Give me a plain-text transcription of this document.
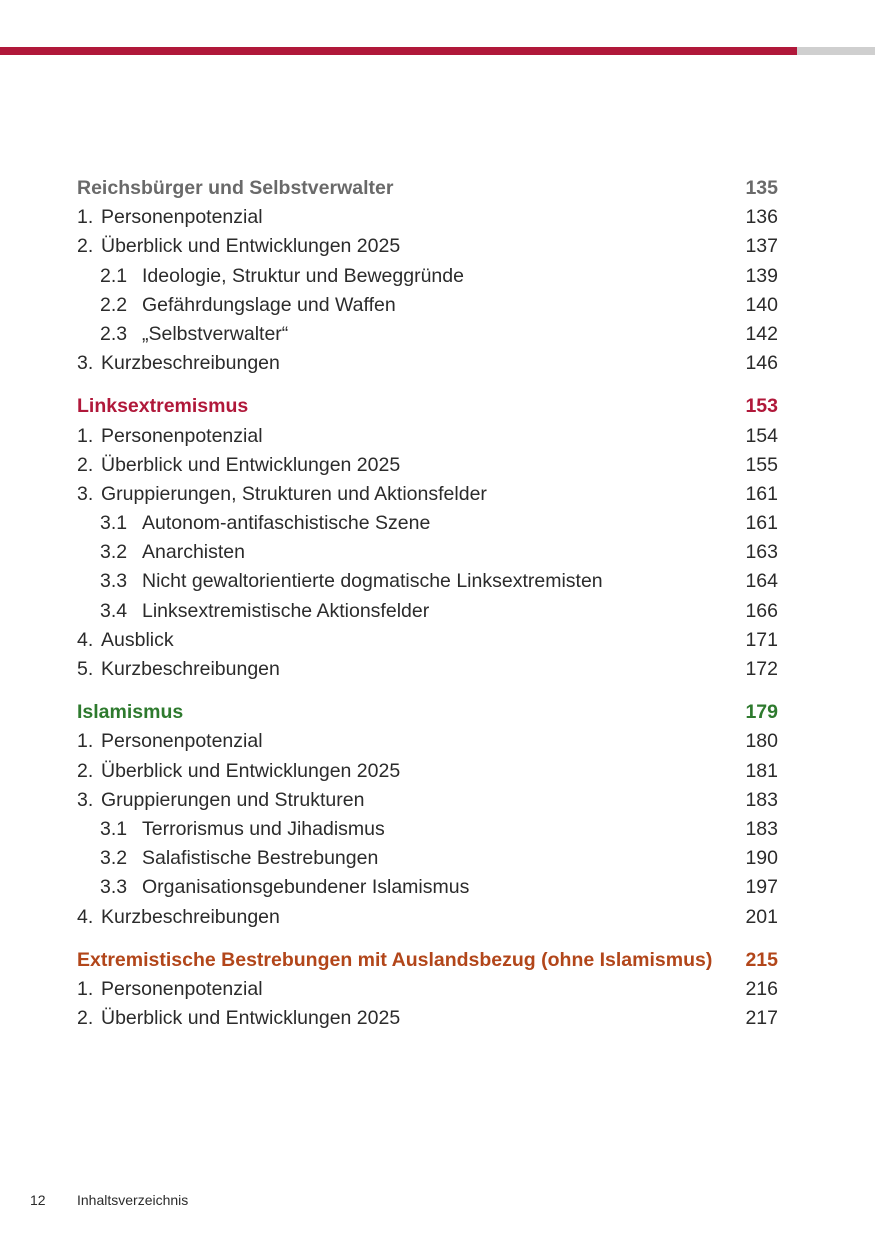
Reichsbürger und Selbstverwalter	135
1. Personenpotenzial	136
2. Überblick und Entwicklungen 2025	137
2.1 Ideologie, Struktur und Beweggründe	139
2.2 Gefährdungslage und Waffen	140
2.3 „Selbstverwalter“	142
3. Kurzbeschreibungen	146
Linksextremismus	153
1. Personenpotenzial	154
2. Überblick und Entwicklungen 2025	155
3. Gruppierungen, Strukturen und Aktionsfelder	161
3.1 Autonom-antifaschistische Szene	161
3.2 Anarchisten	163
3.3 Nicht gewaltorientierte dogmatische Linksextremisten	164
3.4 Linksextremistische Aktionsfelder	166
4. Ausblick	171
5. Kurzbeschreibungen	172
Islamismus	179
1. Personenpotenzial	180
2. Überblick und Entwicklungen 2025	181
3. Gruppierungen und Strukturen	183
3.1 Terrorismus und Jihadismus	183
3.2 Salafistische Bestrebungen	190
3.3 Organisationsgebundener Islamismus	197
4. Kurzbeschreibungen	201
Extremistische Bestrebungen mit Auslandsbezug (ohne Islamismus) 215
1. Personenpotenzial	216
2. Überblick und Entwicklungen 2025	217
12 Inhaltsverzeichnis
